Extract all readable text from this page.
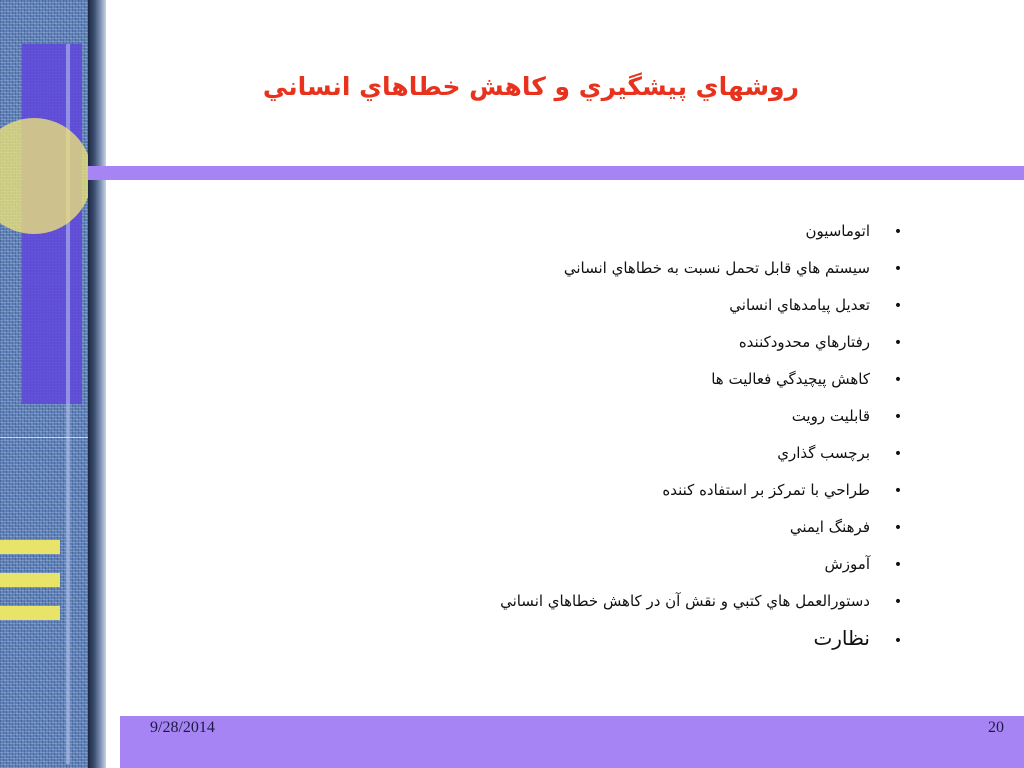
روشهاي پيشگيري و كاهش خطاهاي انساني
•اتوماسيون
•سيستم هاي قابل تحمل نسبت به خطاهاي انساني
•تعديل پيامدهاي انساني
•رفتارهاي محدودكننده
•كاهش پيچيدگي فعاليت ها
•قابليت رويت
•برچسب گذاري
•طراحي با تمركز بر استفاده كننده
•فرهنگ ايمني
•آموزش
•دستورالعمل هاي كتبي و نقش آن در كاهش خطاهاي انساني
•نظارت
9/28/2014	20
